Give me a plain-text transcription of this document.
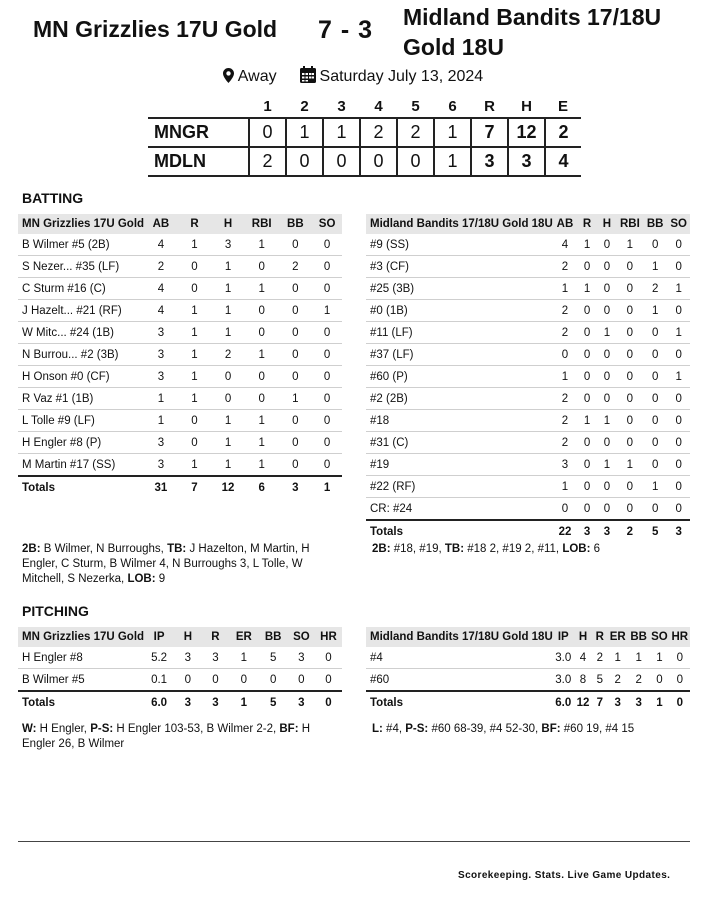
MN Grizzlies 17U Gold 7 - 3 Midland Bandits 17/18U Gold 18U
Away	Saturday July 13, 2024
	1	2	3	4	5	6	R	H	E
MNGR	0	1	1	2	2	1	7	12	2
MDLN	2	0	0	0	0	1	3	3	4
BATTING
MN Grizzlies 17U Gold	AB	R	H	RBI	BB	SO
B Wilmer #5 (2B)	4	1	3	1	0	0
S Nezer... #35 (LF)	2	0	1	0	2	0
C Sturm #16 (C)	4	0	1	1	0	0
J Hazelt... #21 (RF)	4	1	1	0	0	1
W Mitc... #24 (1B)	3	1	1	0	0	0
N Burrou... #2 (3B)	3	1	2	1	0	0
H Onson #0 (CF)	3	1	0	0	0	0
R Vaz #1 (1B)	1	1	0	0	1	0
L Tolle #9 (LF)	1	0	1	1	0	0
H Engler #8 (P)	3	0	1	1	0	0
M Martin #17 (SS)	3	1	1	1	0	0
Totals	31	7	12	6	3	1
Midland Bandits 17/18U Gold 18U	AB	R	H	RBI	BB	SO
#9 (SS)	4	1	0	1	0	0
#3 (CF)	2	0	0	0	1	0
#25 (3B)	1	1	0	0	2	1
#0 (1B)	2	0	0	0	1	0
#11 (LF)	2	0	1	0	0	1
#37 (LF)	0	0	0	0	0	0
#60 (P)	1	0	0	0	0	1
#2 (2B)	2	0	0	0	0	0
#18	2	1	1	0	0	0
#31 (C)	2	0	0	0	0	0
#19	3	0	1	1	0	0
#22 (RF)	1	0	0	0	1	0
CR: #24	0	0	0	0	0	0
Totals	22	3	3	2	5	3
2B: B Wilmer, N Burroughs, TB: J Hazelton, M Martin, H Engler, C Sturm, B Wilmer 4, N Burroughs 3, L Tolle, W Mitchell, S Nezerka, LOB: 9
2B: #18, #19, TB: #18 2, #19 2, #11, LOB: 6
PITCHING
MN Grizzlies 17U Gold	IP	H	R	ER	BB	SO	HR
H Engler #8	5.2	3	3	1	5	3	0
B Wilmer #5	0.1	0	0	0	0	0	0
Totals	6.0	3	3	1	5	3	0
Midland Bandits 17/18U Gold 18U	IP	H	R	ER	BB	SO	HR
#4	3.0	4	2	1	1	1	0
#60	3.0	8	5	2	2	0	0
Totals	6.0	12	7	3	3	1	0
W: H Engler, P-S: H Engler 103-53, B Wilmer 2-2, BF: H Engler 26, B Wilmer
L: #4, P-S: #60 68-39, #4 52-30, BF: #60 19, #4 15
Scorekeeping. Stats. Live Game Updates.
